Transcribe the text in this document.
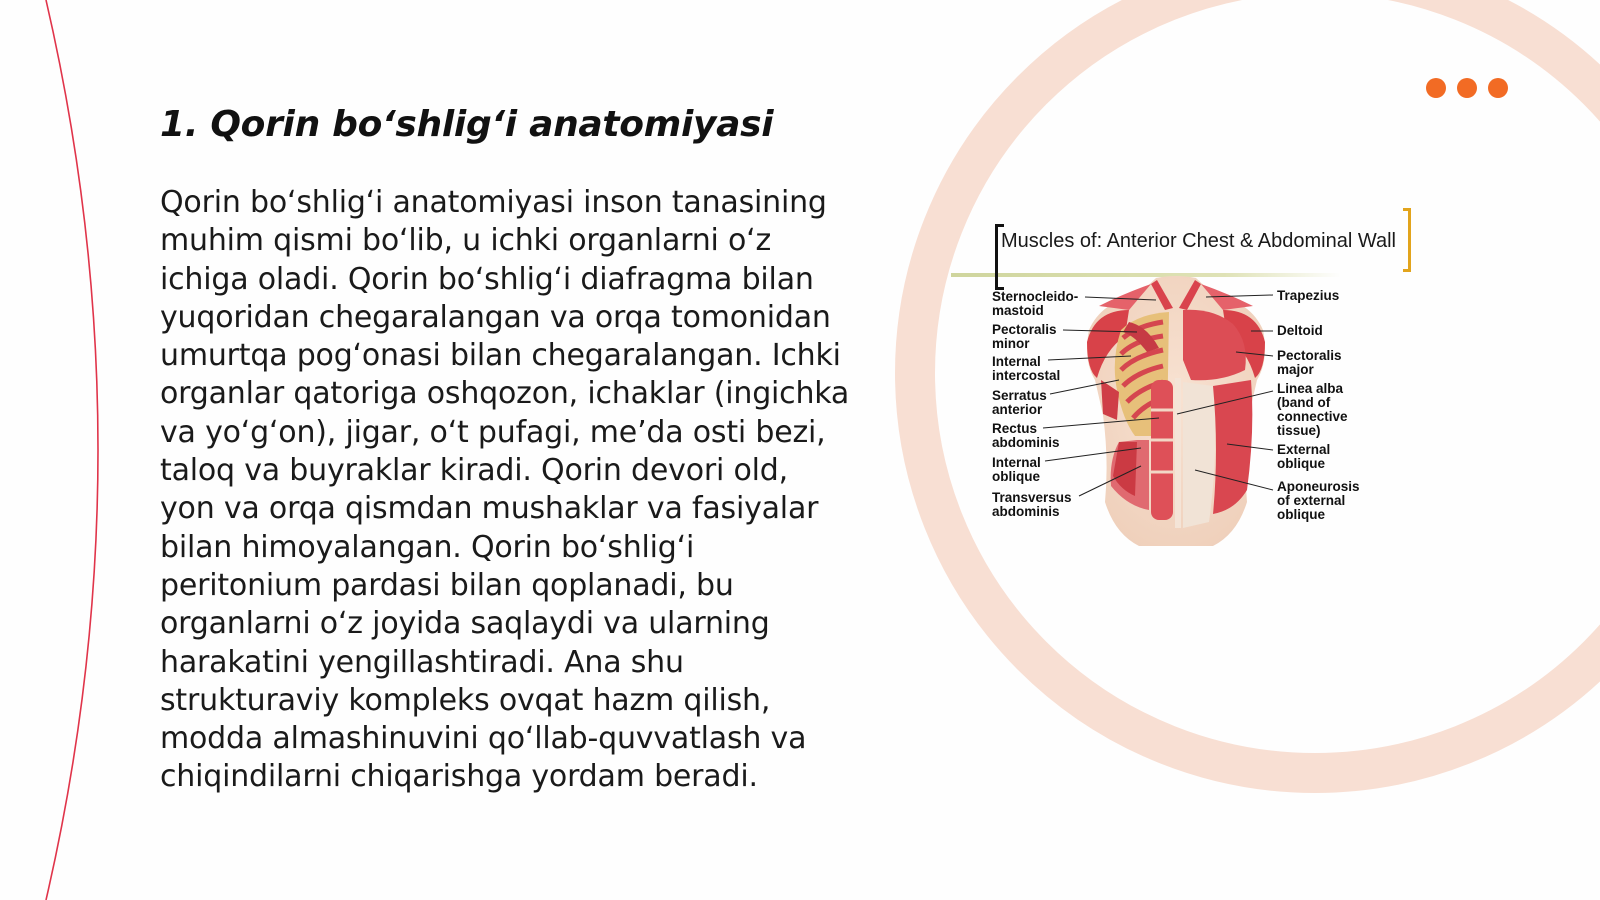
1. Qorin bo‘shlig‘i anatomiyasi
Qorin bo‘shlig‘i anatomiyasi inson tanasining muhim qismi bo‘lib, u ichki organlarni o‘z ichiga oladi. Qorin bo‘shlig‘i diafragma bilan yuqoridan chegaralangan va orqa tomonidan umurtqa pog‘onasi bilan chegaralangan. Ichki organlar qatoriga oshqozon, ichaklar (ingichka va yo‘g‘on), jigar, o‘t pufagi, me’da osti bezi, taloq va buyraklar kiradi. Qorin devori old, yon va orqa qismdan mushaklar va fasiyalar bilan himoyalangan. Qorin bo‘shlig‘i peritonium pardasi bilan qoplanadi, bu organlarni o‘z joyida saqlaydi va ularning harakatini yengillashtiradi. Ana shu strukturaviy kompleks ovqat hazm qilish, modda almashinuvini qo‘llab-quvvatlash va chiqindilarni chiqarishga yordam beradi.
Muscles of: Anterior Chest & Abdominal Wall
Sternocleido-
mastoid
Pectoralis
minor
Internal
intercostal
Serratus
anterior
Rectus
abdominis
Internal
oblique
Transversus
abdominis
Trapezius
Deltoid
Pectoralis
major
Linea alba
(band of
connective
tissue)
External
oblique
Aponeurosis
of external
oblique
